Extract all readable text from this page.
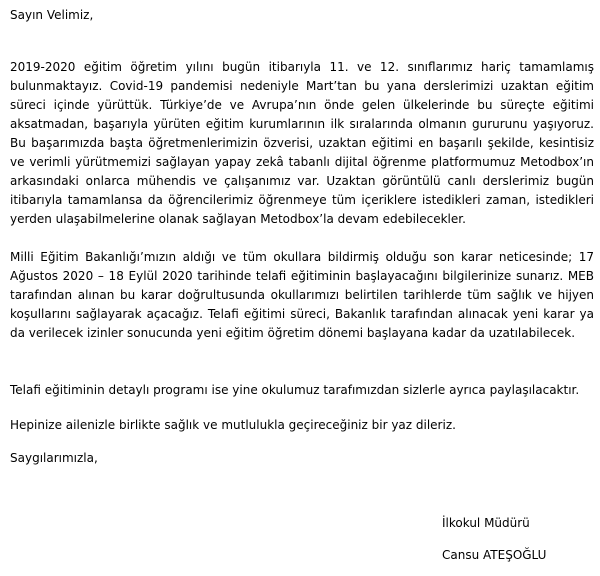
Sayın Velimiz,

2019-2020 eğitim öğretim yılını bugün itibarıyla 11. ve 12. sınıflarımız hariç tamamlamış bulunmaktayız. Covid-19 pandemisi nedeniyle Mart’tan bu yana derslerimizi uzaktan eğitim süreci içinde yürüttük. Türkiye’de ve Avrupa’nın önde gelen ülkelerinde bu süreçte eğitimi aksatmadan, başarıyla yürüten eğitim kurumlarının ilk sıralarında olmanın gururunu yaşıyoruz. Bu başarımızda başta öğretmenlerimizin özverisi, uzaktan eğitimi en başarılı şekilde, kesintisiz ve verimli yürütmemizi sağlayan yapay zekâ tabanlı dijital öğrenme platformumuz Metodbox’ın arkasındaki onlarca mühendis ve çalışanımız var. Uzaktan görüntülü canlı derslerimiz bugün itibarıyla tamamlansa da öğrencilerimiz öğrenmeye tüm içeriklere istedikleri zaman, istedikleri yerden ulaşabilmelerine olanak sağlayan Metodbox’la devam edebilecekler.

Milli Eğitim Bakanlığı’mızın aldığı ve tüm okullara bildirmiş olduğu son karar neticesinde; 17 Ağustos 2020 – 18 Eylül 2020 tarihinde telafi eğitiminin başlayacağını bilgilerinize sunarız. MEB tarafından alınan bu karar doğrultusunda okullarımızı belirtilen tarihlerde tüm sağlık ve hijyen koşullarını sağlayarak açacağız. Telafi eğitimi süreci, Bakanlık tarafından alınacak yeni karar ya da verilecek izinler sonucunda yeni eğitim öğretim dönemi başlayana kadar da uzatılabilecek.

Telafi eğitiminin detaylı programı ise yine okulumuz tarafımızdan sizlerle ayrıca paylaşılacaktır.

Hepinize ailenizle birlikte sağlık ve mutlulukla geçireceğiniz bir yaz dileriz.

Saygılarımızla,

İlkokul Müdürü
Cansu ATEŞOĞLU
